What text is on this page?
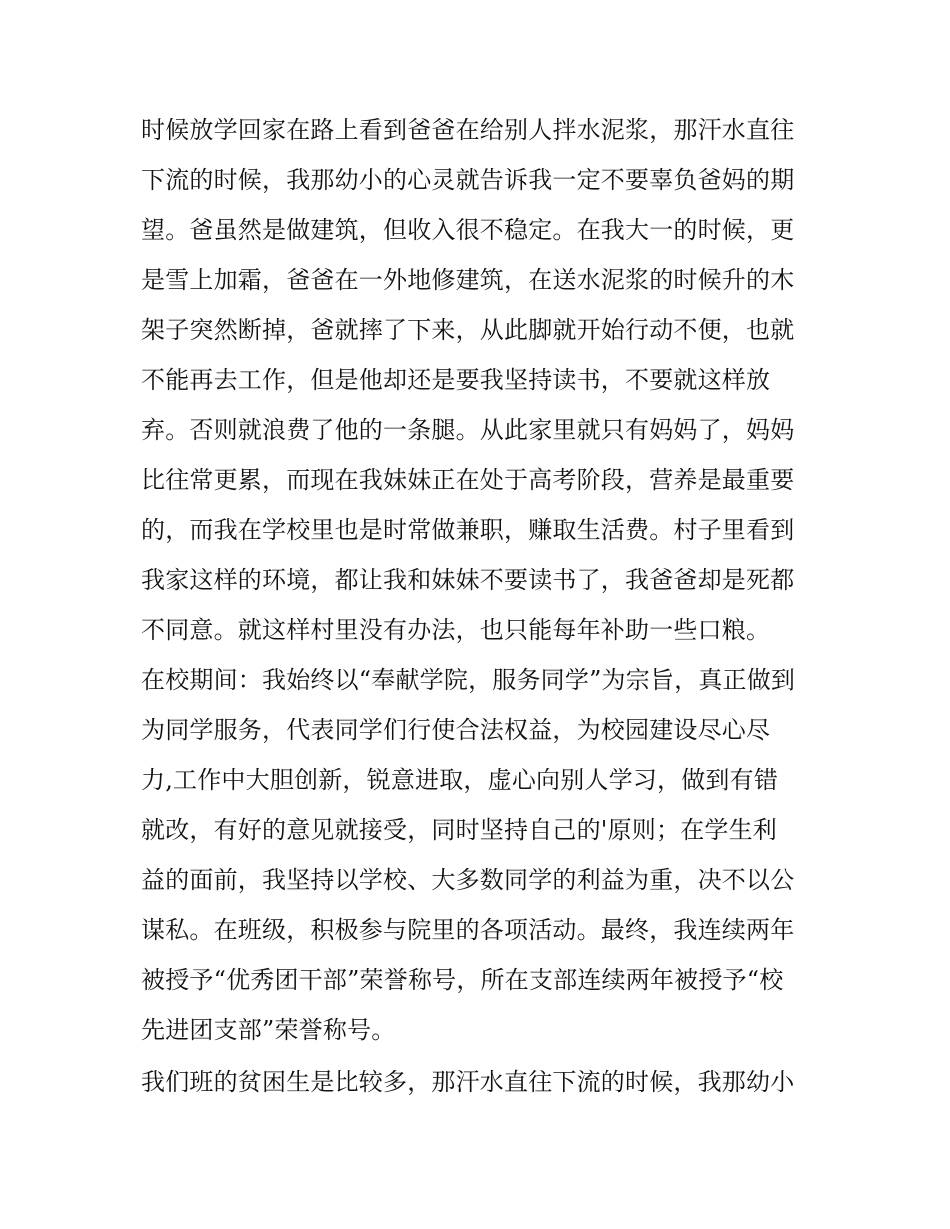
时候放学回家在路上看到爸爸在给别人拌水泥浆，那汗水直往

下流的时候，我那幼小的心灵就告诉我一定不要辜负爸妈的期

望。爸虽然是做建筑，但收入很不稳定。在我大一的时候，更

是雪上加霜，爸爸在一外地修建筑，在送水泥浆的时候升的木

架子突然断掉，爸就摔了下来，从此脚就开始行动不便，也就

不能再去工作，但是他却还是要我坚持读书，不要就这样放

弃。否则就浪费了他的一条腿。从此家里就只有妈妈了，妈妈

比往常更累，而现在我妹妹正在处于高考阶段，营养是最重要

的，而我在学校里也是时常做兼职，赚取生活费。村子里看到

我家这样的环境，都让我和妹妹不要读书了，我爸爸却是死都

不同意。就这样村里没有办法，也只能每年补助一些口粮。

在校期间：我始终以“奉献学院，服务同学”为宗旨，真正做到

为同学服务，代表同学们行使合法权益，为校园建设尽心尽

力,工作中大胆创新，锐意进取，虚心向别人学习，做到有错

就改，有好的意见就接受，同时坚持自己的'原则；在学生利

益的面前，我坚持以学校、大多数同学的利益为重，决不以公

谋私。在班级，积极参与院里的各项活动。最终，我连续两年

被授予“优秀团干部”荣誉称号，所在支部连续两年被授予“校

先进团支部”荣誉称号。

我们班的贫困生是比较多，那汗水直往下流的时候，我那幼小
